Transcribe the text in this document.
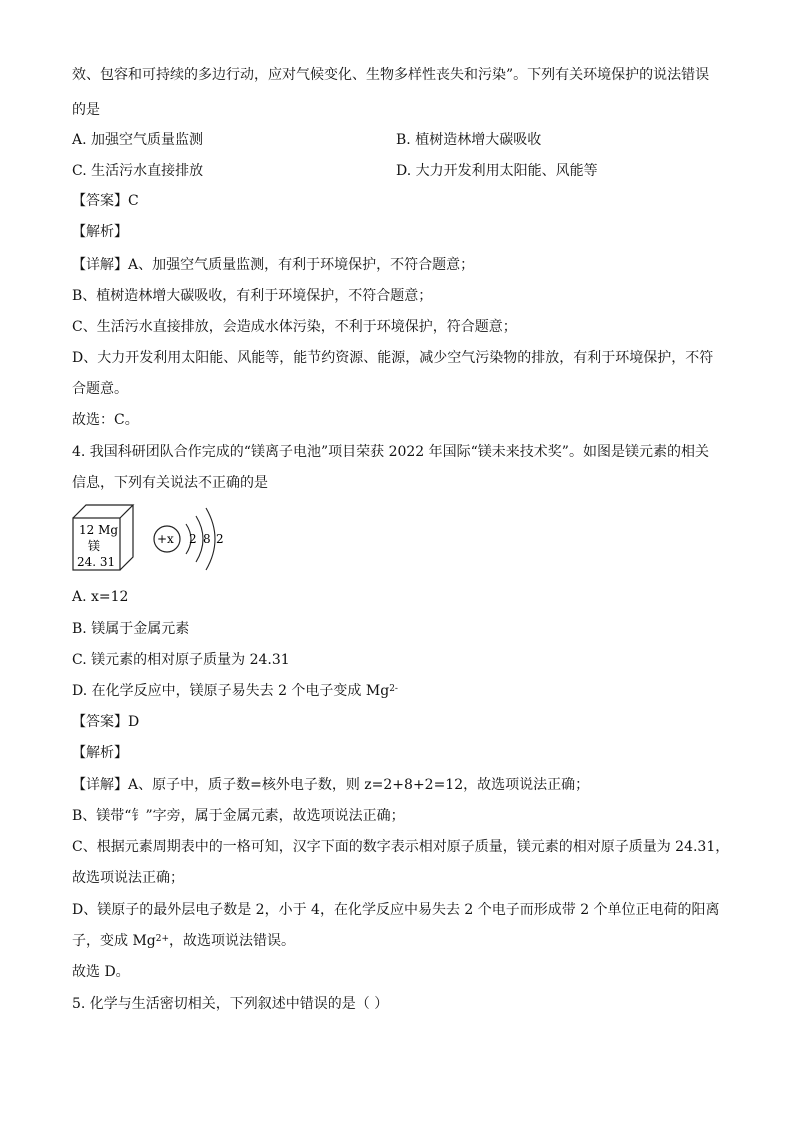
效、包容和可持续的多边行动，应对气候变化、生物多样性丧失和污染”。下列有关环境保护的说法错误
的是
A. 加强空气质量监测	B. 植树造林增大碳吸收
C. 生活污水直接排放	D. 大力开发利用太阳能、风能等
【答案】C
【解析】
【详解】A、加强空气质量监测，有利于环境保护，不符合题意；
B、植树造林增大碳吸收，有利于环境保护，不符合题意；
C、生活污水直接排放，会造成水体污染，不利于环境保护，符合题意；
D、大力开发利用太阳能、风能等，能节约资源、能源，减少空气污染物的排放，有利于环境保护，不符
合题意。
故选：C。
4. 我国科研团队合作完成的“镁离子电池”项目荣获 2022 年国际“镁未来技术奖”。如图是镁元素的相关
信息，下列有关说法不正确的是
12 Mg
镁
24. 31
+x 2 8 2
A. x=12
B. 镁属于金属元素
C. 镁元素的相对原子质量为 24.31
D. 在化学反应中，镁原子易失去 2 个电子变成 $Mg^{2-}$
【答案】D
【解析】
【详解】A、原子中，质子数=核外电子数，则 z=2+8+2=12，故选项说法正确；
B、镁带“钅”字旁，属于金属元素，故选项说法正确；
C、根据元素周期表中的一格可知，汉字下面的数字表示相对原子质量，镁元素的相对原子质量为 24.31，
故选项说法正确；
D、镁原子的最外层电子数是 2，小于 4，在化学反应中易失去 2 个电子而形成带 2 个单位正电荷的阳离
子，变成 $Mg^{2+}$，故选项说法错误。
故选 D。
5. 化学与生活密切相关，下列叙述中错误的是（ ）
